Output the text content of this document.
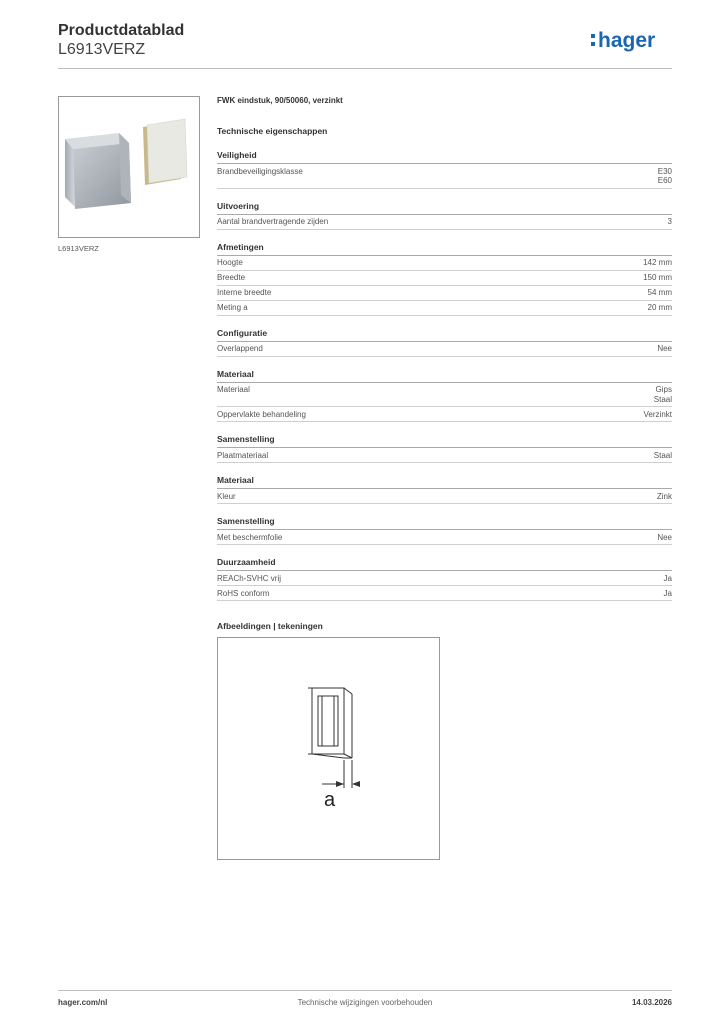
Productdatablad
L6913VERZ	hager
L6913VERZ
FWK eindstuk, 90/50060, verzinkt
Technische eigenschappen
Veiligheid
Brandbeveiligingsklasse	E30
E60
Uitvoering
Aantal brandvertragende zijden	3
Afmetingen
Hoogte	142 mm
Breedte	150 mm
Interne breedte	54 mm
Meting a	20 mm
Configuratie
Overlappend	Nee
Materiaal
Materiaal	Gips
Staal
Oppervlakte behandeling	Verzinkt
Samenstelling
Plaatmateriaal	Staal
Materiaal
Kleur	Zink
Samenstelling
Met beschermfolie	Nee
Duurzaamheid
REACh-SVHC vrij	Ja
RoHS conform	Ja
Afbeeldingen | tekeningen
a
hager.com/nl	Technische wijzigingen voorbehouden	14.03.2026
